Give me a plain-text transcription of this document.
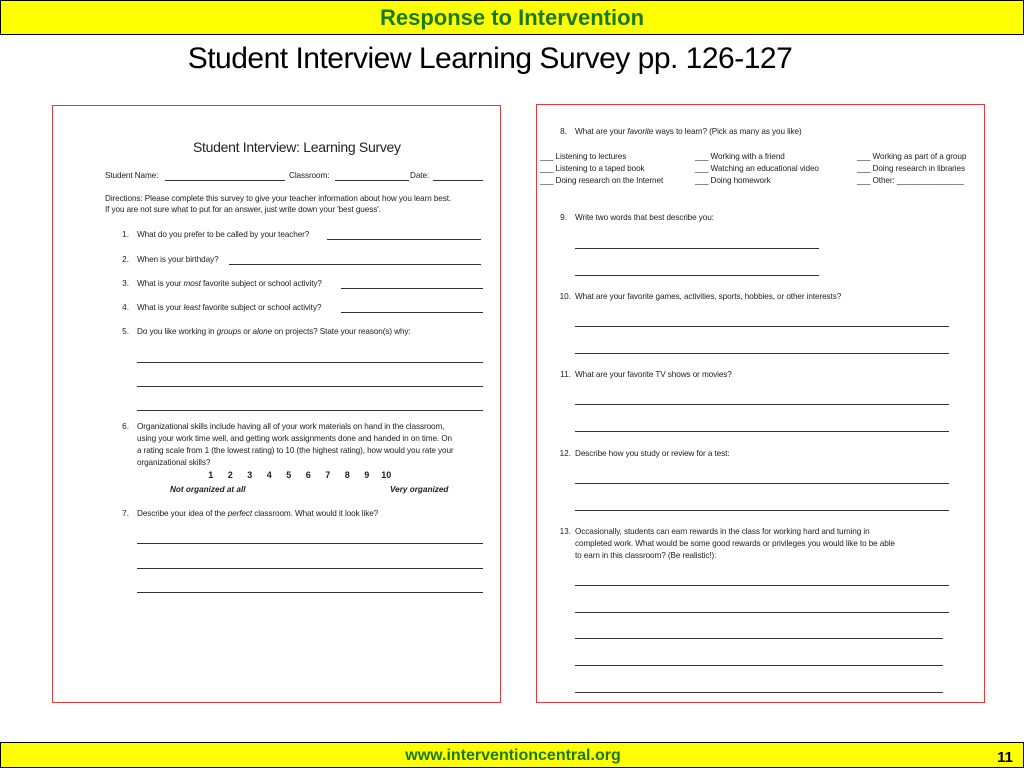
Response to Intervention
Student Interview Learning Survey pp. 126-127
Student Interview: Learning Survey
Student Name:	Classroom:	Date:
Directions: Please complete this survey to give your teacher information about how you learn best.
If you are not sure what to put for an answer, just write down your 'best guess'.
1. What do you prefer to be called by your teacher?
2. When is your birthday?
3. What is your most favorite subject or school activity?
4. What is your least favorite subject or school activity?
5. Do you like working in groups or alone on projects? State your reason(s) why:
6. Organizational skills include having all of your work materials on hand in the classroom,
using your work time well, and getting work assignments done and handed in on time. On
a rating scale from 1 (the lowest rating) to 10 (the highest rating), how would you rate your
organizational skills?
1 2 3 4 5 6 7 8 9 10
Not organized at all	Very organized
7. Describe your idea of the perfect classroom. What would it look like?
8. What are your favorite ways to learn? (Pick as many as you like)
___ Listening to lectures	___ Working with a friend	___ Working as part of a group
___ Listening to a taped book	___ Watching an educational video	___ Doing research in libraries
___ Doing research on the Internet	___ Doing homework	___ Other: _______________
9. Write two words that best describe you:
10. What are your favorite games, activities, sports, hobbies, or other interests?
11. What are your favorite TV shows or movies?
12. Describe how you study or review for a test:
13. Occasionally, students can earn rewards in the class for working hard and turning in
completed work. What would be some good rewards or privileges you would like to be able
to earn in this classroom? (Be realistic!):
www.interventioncentral.org	11
